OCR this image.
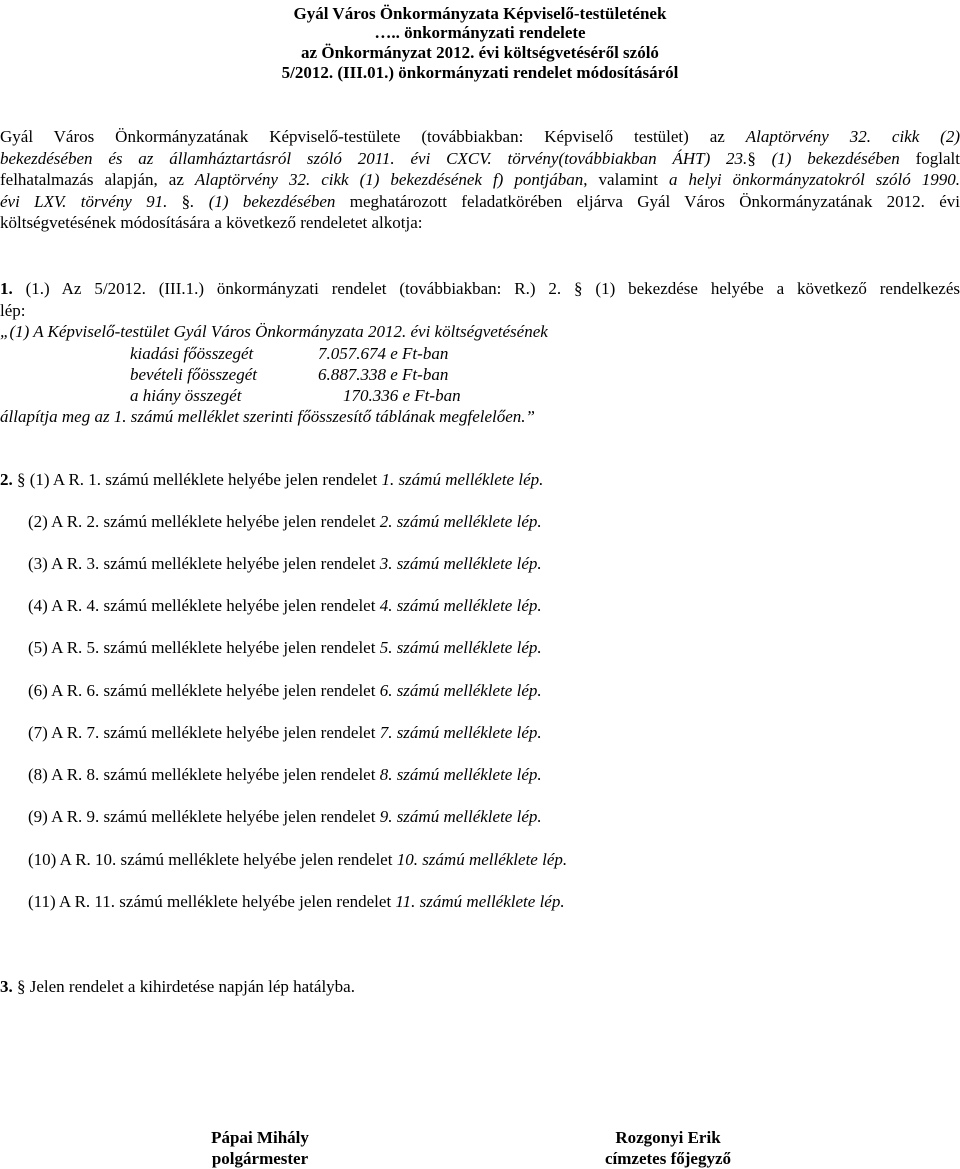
Gyál Város Önkormányzata Képviselő-testületének
….. önkormányzati rendelete
az Önkormányzat 2012. évi költségvetéséről szóló
5/2012. (III.01.) önkormányzati rendelet módosításáról
Gyál Város Önkormányzatának Képviselő-testülete (továbbiakban: Képviselő testület) az Alaptörvény 32. cikk (2)
bekezdésében és az államháztartásról szóló 2011. évi CXCV. törvény(továbbiakban ÁHT) 23.§ (1) bekezdésében foglalt
felhatalmazás alapján, az Alaptörvény 32. cikk (1) bekezdésének f) pontjában, valamint a helyi önkormányzatokról szóló 1990.
évi LXV. törvény 91. §. (1) bekezdésében meghatározott feladatkörében eljárva Gyál Város Önkormányzatának 2012. évi
költségvetésének módosítására a következő rendeletet alkotja:
1. (1.) Az 5/2012. (III.1.) önkormányzati rendelet (továbbiakban: R.) 2. § (1) bekezdése helyébe a következő rendelkezés
lép:
„(1) A Képviselő-testület Gyál Város Önkormányzata 2012. évi költségvetésének
kiadási főösszegét	7.057.674 e Ft-ban
bevételi főösszegét	6.887.338 e Ft-ban
a hiány összegét	170.336 e Ft-ban
állapítja meg az 1. számú melléklet szerinti főösszesítő táblának megfelelően.”
2. § (1) A R. 1. számú melléklete helyébe jelen rendelet 1. számú melléklete lép.
(2) A R. 2. számú melléklete helyébe jelen rendelet 2. számú melléklete lép.
(3) A R. 3. számú melléklete helyébe jelen rendelet 3. számú melléklete lép.
(4) A R. 4. számú melléklete helyébe jelen rendelet 4. számú melléklete lép.
(5) A R. 5. számú melléklete helyébe jelen rendelet 5. számú melléklete lép.
(6) A R. 6. számú melléklete helyébe jelen rendelet 6. számú melléklete lép.
(7) A R. 7. számú melléklete helyébe jelen rendelet 7. számú melléklete lép.
(8) A R. 8. számú melléklete helyébe jelen rendelet 8. számú melléklete lép.
(9) A R. 9. számú melléklete helyébe jelen rendelet 9. számú melléklete lép.
(10) A R. 10. számú melléklete helyébe jelen rendelet 10. számú melléklete lép.
(11) A R. 11. számú melléklete helyébe jelen rendelet 11. számú melléklete lép.
3. § Jelen rendelet a kihirdetése napján lép hatályba.
Pápai Mihály
polgármester
Rozgonyi Erik
címzetes főjegyző
